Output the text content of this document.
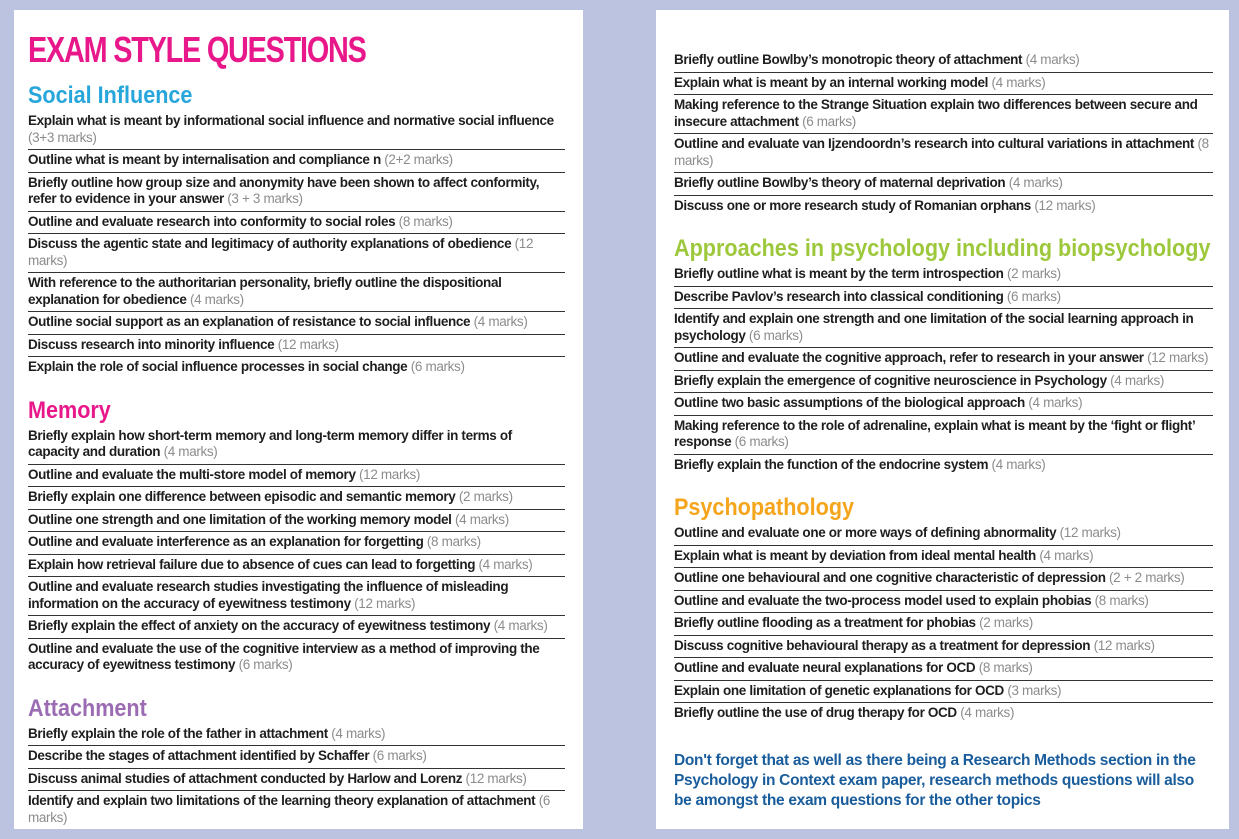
EXAM STYLE QUESTIONS
Social Influence
Explain what is meant by informational social influence and normative social influence (3+3 marks)
Outline what is meant by internalisation and compliance n (2+2 marks)
Briefly outline how group size and anonymity have been shown to affect conformity, refer to evidence in your answer (3 + 3 marks)
Outline and evaluate research into conformity to social roles (8 marks)
Discuss the agentic state and legitimacy of authority explanations of obedience (12 marks)
With reference to the authoritarian personality, briefly outline the dispositional explanation for obedience (4 marks)
Outline social support as an explanation of resistance to social influence (4 marks)
Discuss research into minority influence (12 marks)
Explain the role of social influence processes in social change (6 marks)
Memory
Briefly explain how short-term memory and long-term memory differ in terms of capacity and duration (4 marks)
Outline and evaluate the multi-store model of memory (12 marks)
Briefly explain one difference between episodic and semantic memory (2 marks)
Outline one strength and one limitation of the working memory model (4 marks)
Outline and evaluate interference as an explanation for forgetting (8 marks)
Explain how retrieval failure due to absence of cues can lead to forgetting (4 marks)
Outline and evaluate research studies investigating the influence of misleading information on the accuracy of eyewitness testimony (12 marks)
Briefly explain the effect of anxiety on the accuracy of eyewitness testimony (4 marks)
Outline and evaluate the use of the cognitive interview as a method of improving the accuracy of eyewitness testimony (6 marks)
Attachment
Briefly explain the role of the father in attachment (4 marks)
Describe the stages of attachment identified by Schaffer (6 marks)
Discuss animal studies of attachment conducted by Harlow and Lorenz (12 marks)
Identify and explain two limitations of the learning theory explanation of attachment (6 marks)
Briefly outline Bowlby’s monotropic theory of attachment (4 marks)
Explain what is meant by an internal working model (4 marks)
Making reference to the Strange Situation explain two differences between secure and insecure attachment (6 marks)
Outline and evaluate van Ijzendoordn’s research into cultural variations in attachment (8 marks)
Briefly outline Bowlby’s theory of maternal deprivation (4 marks)
Discuss one or more research study of Romanian orphans (12 marks)
Approaches in psychology including biopsychology
Briefly outline what is meant by the term introspection (2 marks)
Describe Pavlov’s research into classical conditioning (6 marks)
Identify and explain one strength and one limitation of the social learning approach in psychology (6 marks)
Outline and evaluate the cognitive approach, refer to research in your answer (12 marks)
Briefly explain the emergence of cognitive neuroscience in Psychology (4 marks)
Outline two basic assumptions of the biological approach (4 marks)
Making reference to the role of adrenaline, explain what is meant by the ‘fight or flight’ response (6 marks)
Briefly explain the function of the endocrine system (4 marks)
Psychopathology
Outline and evaluate one or more ways of defining abnormality (12 marks)
Explain what is meant by deviation from ideal mental health (4 marks)
Outline one behavioural and one cognitive characteristic of depression (2 + 2 marks)
Outline and evaluate the two-process model used to explain phobias (8 marks)
Briefly outline flooding as a treatment for phobias (2 marks)
Discuss cognitive behavioural therapy as a treatment for depression (12 marks)
Outline and evaluate neural explanations for OCD (8 marks)
Explain one limitation of genetic explanations for OCD (3 marks)
Briefly outline the use of drug therapy for OCD (4 marks)
Don't forget that as well as there being a Research Methods section in the Psychology in Context exam paper, research methods questions will also be amongst the exam questions for the other topics
